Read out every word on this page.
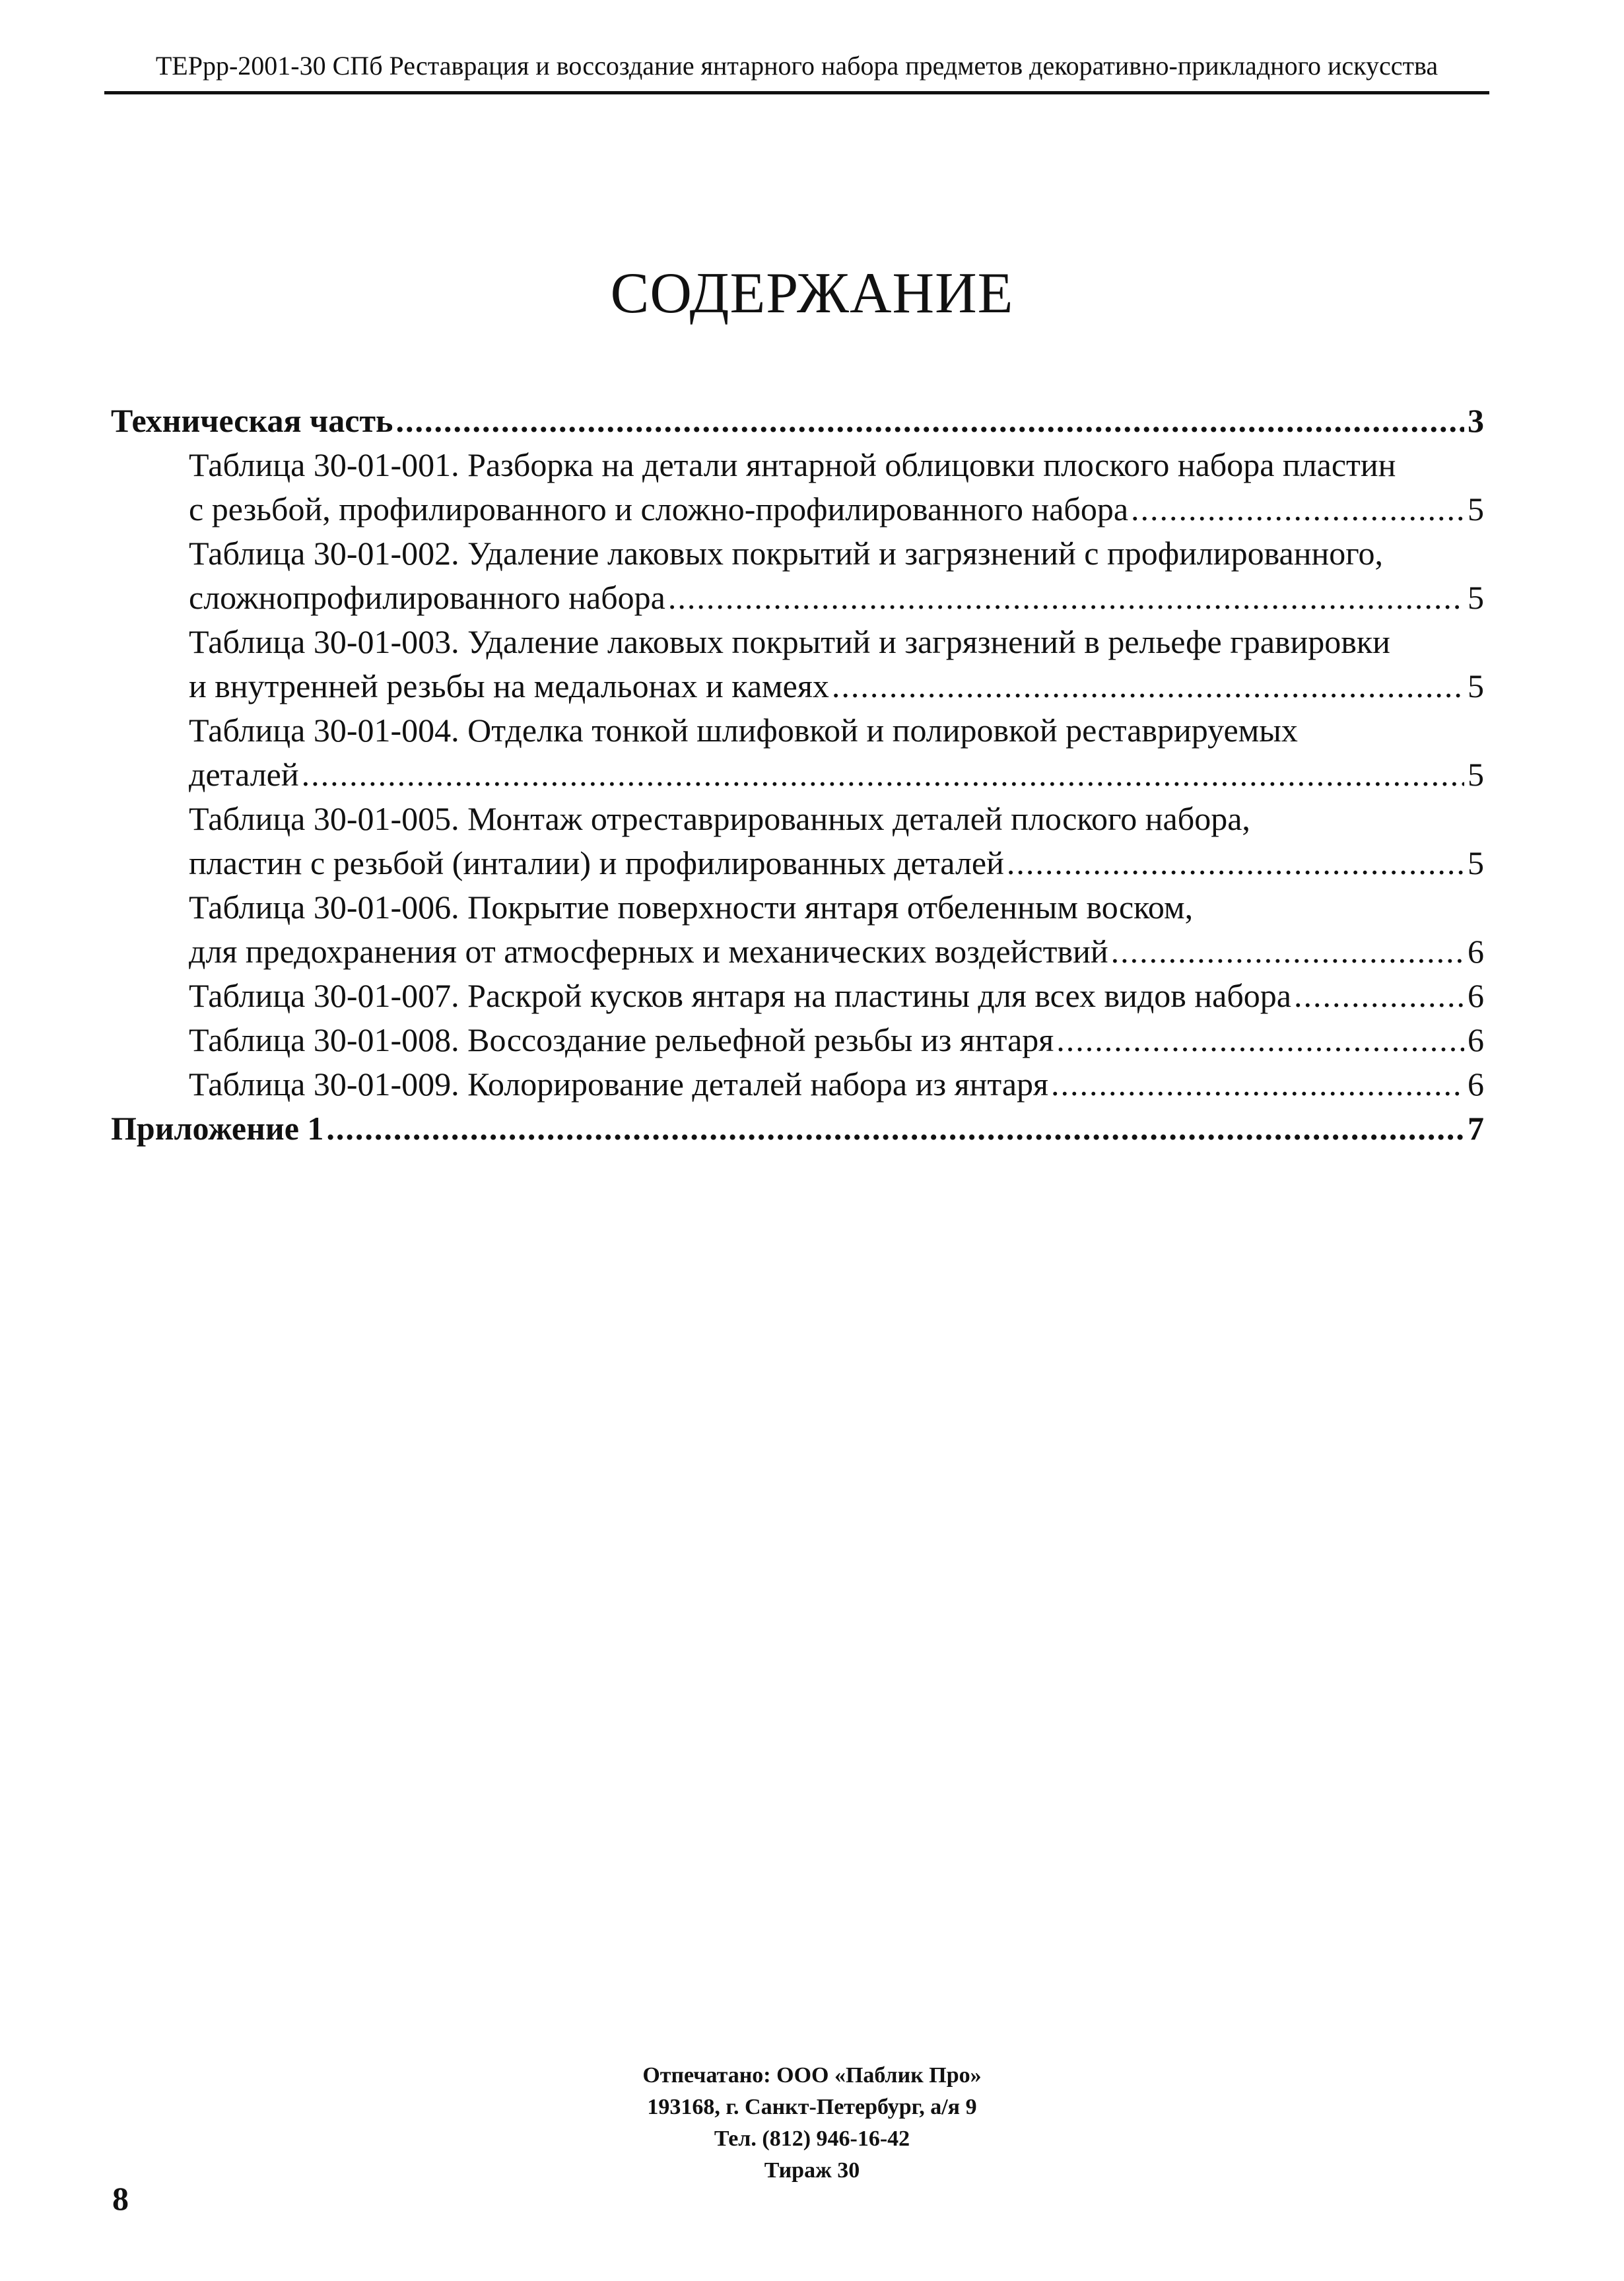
ТЕРрр-2001-30 СПб Реставрация и воссоздание янтарного набора предметов декоративно-прикладного искусства
СОДЕРЖАНИЕ
Техническая часть .....	3
Таблица 30-01-001. Разборка на детали янтарной облицовки плоского набора пластин
с резьбой, профилированного и сложно-профилированного набора .....	5
Таблица 30-01-002. Удаление лаковых покрытий и загрязнений с профилированного,
сложнопрофилированного набора .....	5
Таблица 30-01-003. Удаление лаковых покрытий и загрязнений в рельефе гравировки
и внутренней резьбы на медальонах и камеях .....	5
Таблица 30-01-004. Отделка тонкой шлифовкой и полировкой реставрируемых
деталей .....	5
Таблица 30-01-005. Монтаж отреставрированных деталей плоского набора,
пластин с резьбой (инталии) и профилированных деталей .....	5
Таблица 30-01-006. Покрытие поверхности янтаря отбеленным воском,
для предохранения от атмосферных и механических воздействий .....	6
Таблица 30-01-007. Раскрой кусков янтаря на пластины для всех видов набора .....	6
Таблица 30-01-008. Воссоздание рельефной резьбы из янтаря .....	6
Таблица 30-01-009. Колорирование деталей набора из янтаря .....	6
Приложение 1 .....	7
Отпечатано: ООО «Паблик Про»
193168, г. Санкт-Петербург, а/я 9
Тел. (812) 946-16-42
Тираж 30
8
